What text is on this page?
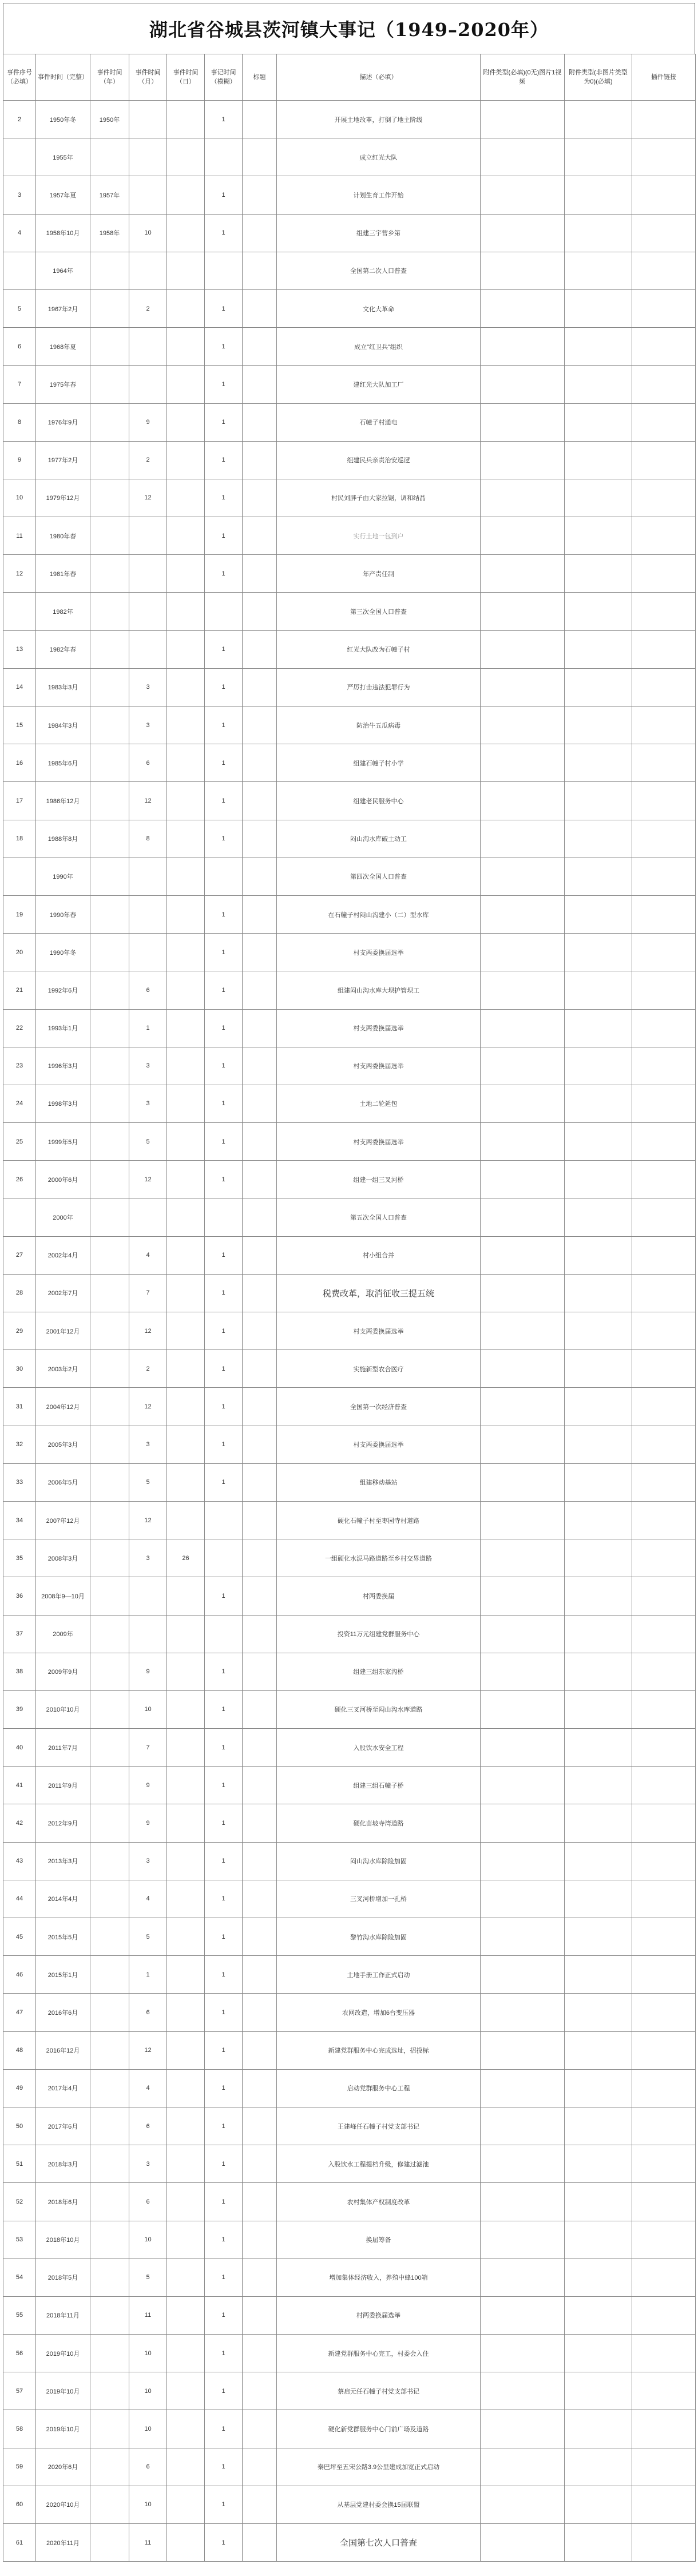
湖北省谷城县茨河镇大事记（1949–2020年）
事件序号（必填）	事件时间（完整）	事件时间（年）	事件时间（月）	事件时间（日）	事记时间（模糊）	标题	描述（必填）	附件类型(必填)(0无)图片1视频	附件类型(非图片类型为0)(必填)	插件链接
2	1950年冬	1950年			1		开展土地改革，打倒了地主阶级			
	1955年						成立红光大队			
3	1957年夏	1957年			1		计划生育工作开始			
4	1958年10月	1958年	10		1		组建三宇营乡第			
	1964年						全国第二次人口普查			
5	1967年2月		2		1		文化大革命			
6	1968年夏				1		成立"红卫兵"组织			
7	1975年春				1		建红光大队加工厂			
8	1976年9月		9		1		石幢子村通电			
9	1977年2月		2		1		组建民兵亲责治安巡逻			
10	1979年12月		12		1		村民刘胖子由大家拉锯，调和结晶			
11	1980年春				1		实行土地一包到户			
12	1981年春				1		年产责任制			
	1982年						第三次全国人口普查			
13	1982年春				1		红光大队改为石幢子村			
14	1983年3月		3		1		严厉打击违法犯罪行为			
15	1984年3月		3		1		防治牛五瓜病毒			
16	1985年6月		6		1		组建石幢子村小学			
17	1986年12月		12		1		组建老民服务中心			
18	1988年8月		8		1		闷山沟水库破土动工			
	1990年						第四次全国人口普查			
19	1990年春				1		在石幢子村闷山沟建小（二）型水库			
20	1990年冬				1		村支两委换届选举			
21	1992年6月		6		1		组建闷山沟水库大坝护管坝工			
22	1993年1月		1		1		村支两委换届选举			
23	1996年3月		3		1		村支两委换届选举			
24	1998年3月		3		1		土地二轮延包			
25	1999年5月		5		1		村支两委换届选举			
26	2000年6月		12		1		组建一组三叉河桥			
	2000年						第五次全国人口普查			
27	2002年4月		4		1		村小组合并			
28	2002年7月		7		1		税费改革，取消征收三提五统			
29	2001年12月		12		1		村支两委换届选举			
30	2003年2月		2		1		实施新型农合医疗			
31	2004年12月		12		1		全国第一次经济普查			
32	2005年3月		3		1		村支两委换届选举			
33	2006年5月		5		1		组建移动基站			
34	2007年12月		12				硬化石幢子村至枣园寺村道路			
35	2008年3月		3	26			一组硬化水泥马路道路至乡村交界道路			
36	2008年9—10月				1		村两委换届			
37	2009年						投资11万元组建党群服务中心			
38	2009年9月		9		1		组建三组东家沟桥			
39	2010年10月		10		1		硬化三叉河桥至闷山沟水库道路			
40	2011年7月		7		1		入股饮水安全工程			
41	2011年9月		9		1		组建三组石幢子桥			
42	2012年9月		9		1		硬化苗坡寺湾道路			
43	2013年3月		3		1		闷山沟水库除险加固			
44	2014年4月		4		1		三叉河桥增加一孔桥			
45	2015年5月		5		1		黎竹沟水库除险加固			
46	2015年1月		1		1		土地手册工作正式启动			
47	2016年6月		6		1		农网改造，增加6台变压器			
48	2016年12月		12		1		新建党群服务中心完成选址，招投标			
49	2017年4月		4		1		启动党群服务中心工程			
50	2017年6月		6		1		王建峰任石幢子村党支部书记			
51	2018年3月		3		1		入股饮水工程提档升级，修建过滤池			
52	2018年6月		6		1		农村集体产权制度改革			
53	2018年10月		10		1		换届筹备			
54	2018年5月		5		1		增加集体经济收入，养殖中蜂100箱			
55	2018年11月		11		1		村两委换届选举			
56	2019年10月		10		1		新建党群服务中心完工，村委会入住			
57	2019年10月		10		1		蔡启元任石幢子村党支部书记			
58	2019年10月		10		1		硬化新党群服务中心门前广场及道路			
59	2020年6月		6		1		秦巴坪至五宋公路3.9公里建成加宽正式启动			
60	2020年10月		10		1		从基层党建村委会换15届联盟			
61	2020年11月		11		1		全国第七次人口普查			
